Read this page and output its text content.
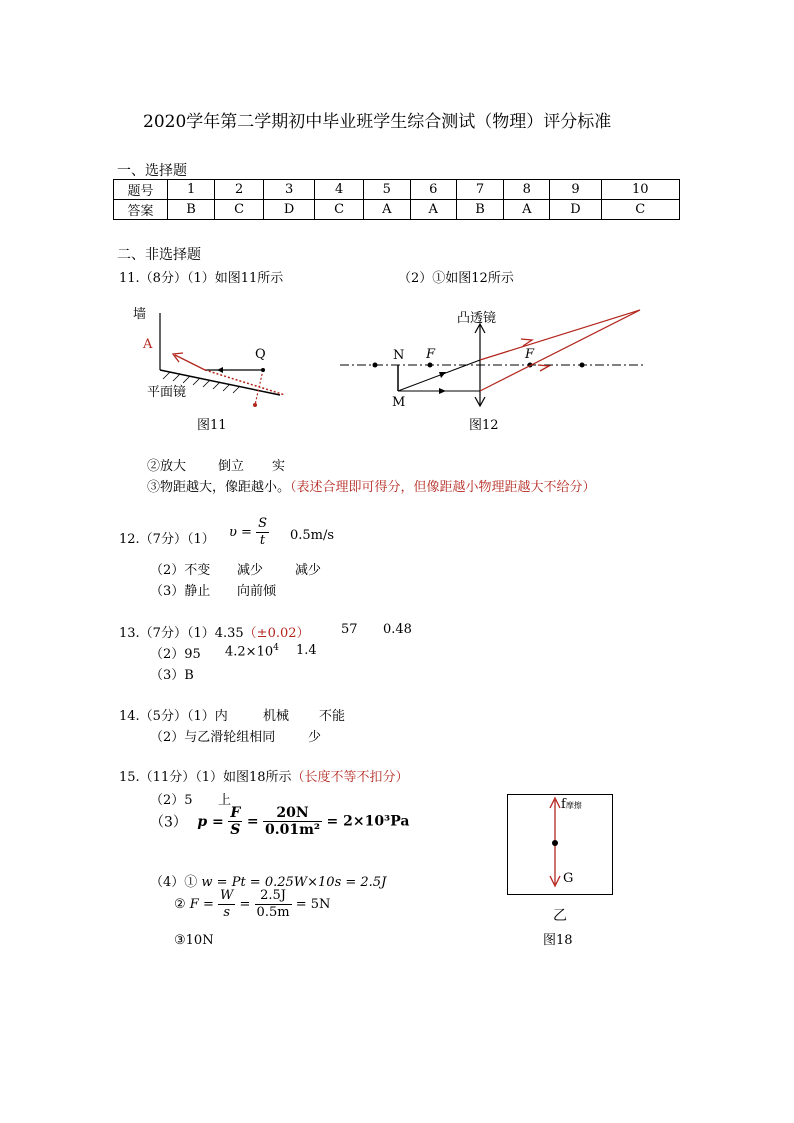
2020学年第二学期初中毕业班学生综合测试（物理）评分标准
一、选择题
题号	1	2	3	4	5	6	7	8	9	10
答案	B	C	D	C	A	A	B	A	D	C
二、非选择题
11.（8分）（1）如图11所示	（2）①如图12所示
墙
A
Q
平面镜
图11
凸透镜
N F	F
M
图12
②放大 倒立 实
③物距越大，像距越小。（表述合理即可得分，但像距越小物理距越大不给分）
12.（7分）（1） $\upsilon = \frac{S}{t} 0.5m/s$
（2）不变 减少 减少
（3）静止 向前倾
13.（7分）（1）4.35（±0.02） 57 0.48
（2）95 $4.2\times 10^4$ 1.4
（3）B
14.（5分）（1）内	机械 不能
（2）与乙滑轮组相同	少
15.（11分）（1）如图18所示（长度不等不扣分）
（2）5 上
（3） $p = \frac{F}{S} = \frac{20N}{\text{0.01m²}} = 2\times 10^3Pa$
（4）① w = Pt = 0.25W×10s = 2.5J
② $F = \frac{W}{s} = \frac{2.5J}{0.5m} = 5N$
③10N
f摩擦
G
乙
图18
